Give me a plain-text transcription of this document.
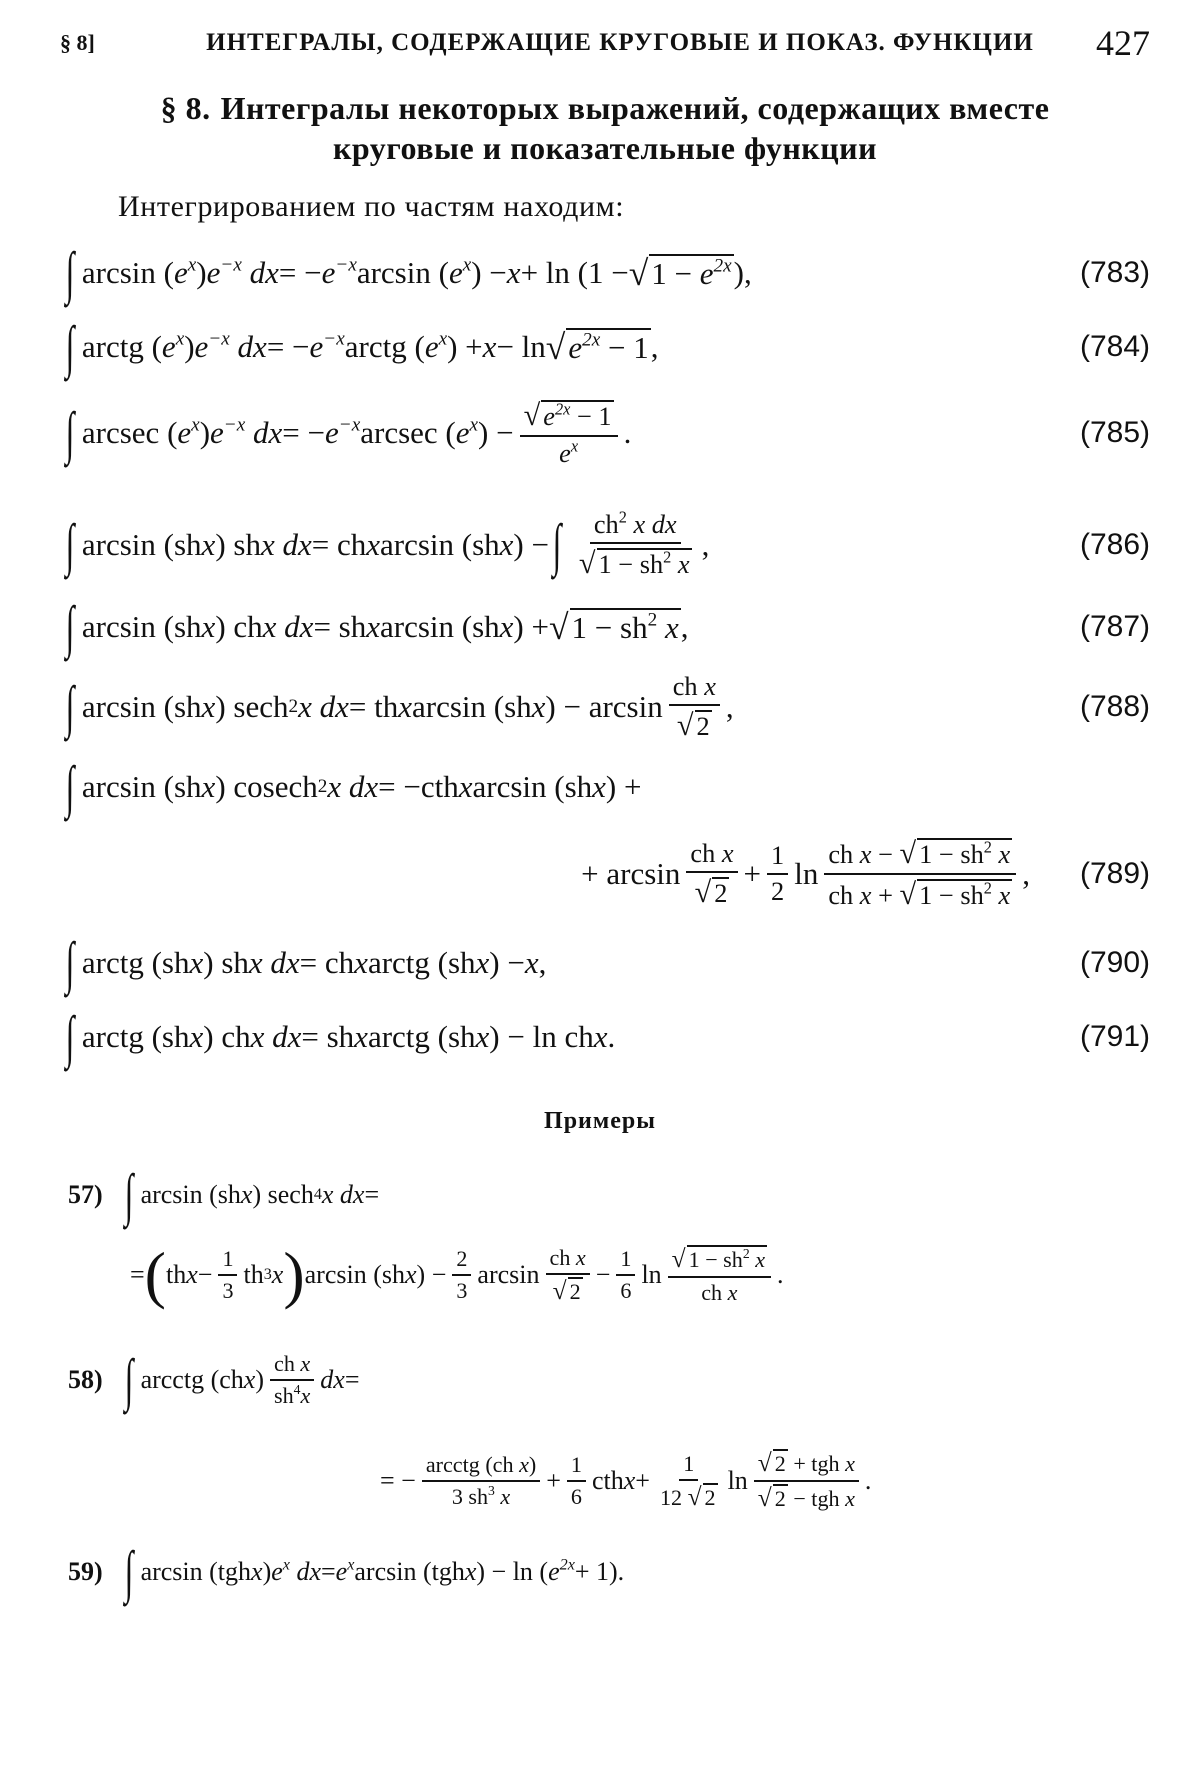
§ 8]	ИНТЕГРАЛЫ, СОДЕРЖАЩИЕ КРУГОВЫЕ И ПОКАЗ. ФУНКЦИИ	427
§ 8. Интегралы некоторых выражений, содержащих вместе
круговые и показательные функции
Интегрированием по частям находим:
∫ arcsin ( $e^x$ ) $e^{-x}$ dx = − $e^{-x}$ arcsin ( $e^x$ ) − x + ln (1 − √ $1 - e^{2x}$ ),	(783)
∫ arctg ( $e^x$ ) $e^{-x}$ dx = − $e^{-x}$ arctg ( $e^x$ ) + x − ln √ $e^{2x} - 1$ ,	(784)
∫ arcsec ( $e^x$ ) $e^{-x}$ dx = − $e^{-x}$ arcsec ( $e^x$ ) − $\frac{√ e^{2x} - 1}{e^x}$ .	(785)
∫ arcsin (sh x ) sh x dx = ch x arcsin (sh x ) − ∫ $\frac{ch^2 x dx}{√ 1 - sh^2 x}$ ,	(786)
∫ arcsin (sh x ) ch x dx = sh x arcsin (sh x ) + √ $1 - sh^2$ x ,	(787)
∫ arcsin (sh x ) sech 2 x dx = th x arcsin (sh x ) − $\arcsin \frac{\text{ch x}}{√ 2}$ ,	(788)
∫ arcsin (sh x ) cosech 2 x dx = −cth x arcsin (sh x ) +
+ $\arcsin \frac{\text{ch x}}{√ 2} + \frac{1}{2}$ $\ln \frac{ch x - √ 1 - sh^2 x}{ch x + √ 1 - sh^2 x}$ ,	(789)
∫ arctg (sh x ) sh x dx = ch x arctg (sh x ) − x ,	(790)
∫ arctg (sh x ) ch x dx = sh x arctg (sh x ) − ln ch x .	(791)
Примеры
57) ∫ arcsin (sh x ) sech 4 x dx =
= ( th $x - \frac{1}{3}$ th 3 x ) arcsin (sh x ) − $\frac{2}{3}$ $\arcsin \frac{\text{ch x}}{√ 2} - \frac{1}{6}$ $\ln \frac{√ 1 - sh^2 x}{\text{ch x}}$ .
58) ∫ arcctg (ch x ) $\frac{\text{ch x}}{sh^4x}$ dx =
= − $\frac{\text{arcctg (ch x)}}{3 sh^3 x} + \frac{1}{6}$ cth $x + \frac{1}{12 √ 2}$ $\ln \frac{\text{√ 2 + tgh x}}{\text{√ 2 − tgh x}}$ .
59) ∫ arcsin (tgh x ) $e^x$ dx = $e^x$ arcsin (tgh x ) − ln ( $e^{2x} + 1$).
